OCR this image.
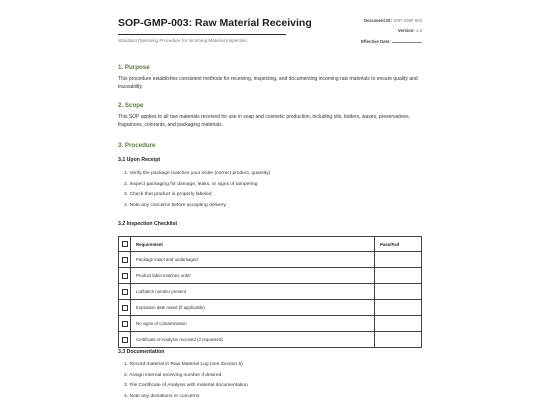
SOP-GMP-003: Raw Material Receiving
Standard Operating Procedure for Incoming Material Inspection
Document ID: SOP-GMP-003
Version: 1.0
Effective Date:
1. Purpose
This procedure establishes consistent methods for receiving, inspecting, and documenting incoming raw materials to ensure quality and traceability.
2. Scope
This SOP applies to all raw materials received for use in soap and cosmetic production, including oils, butters, waxes, preservatives, fragrances, colorants, and packaging materials.
3. Procedure
3.1 Upon Receipt
1. Verify the package matches your order (correct product, quantity)
2. Inspect packaging for damage, leaks, or signs of tampering
3. Check that product is properly labeled
4. Note any concerns before accepting delivery
3.2 Inspection Checklist
	Requirement	Pass/Fail
	Package intact and undamaged	
	Product label matches order	
	Lot/batch number present	
	Expiration date noted (if applicable)	
	No signs of contamination	
	Certificate of Analysis received (if requested)	
3.3 Documentation
1. Record material in Raw Material Log (see Section 5)
2. Assign internal receiving number if desired
3. File Certificate of Analysis with material documentation
4. Note any deviations or concerns
